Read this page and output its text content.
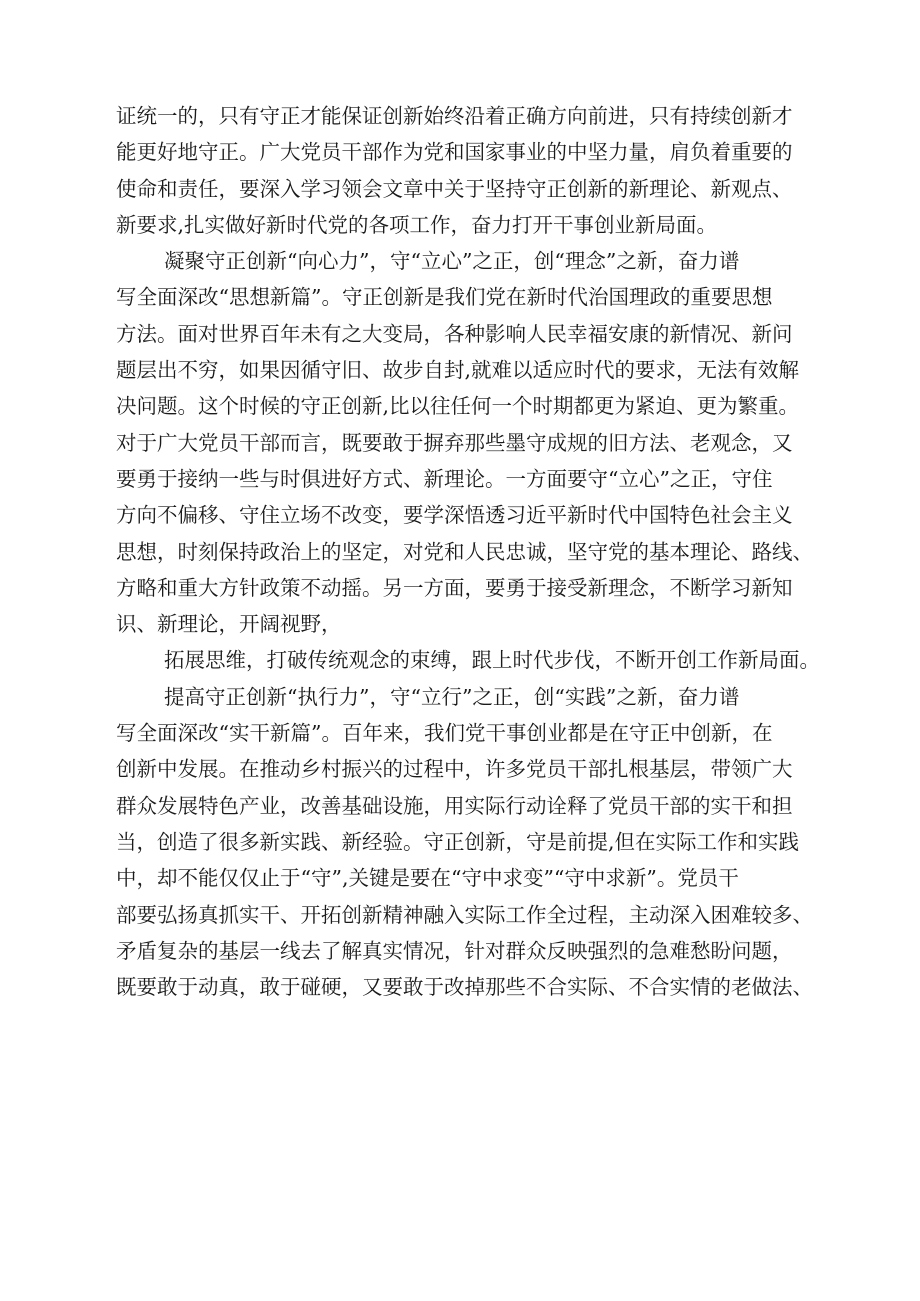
证统一的，只有守正才能保证创新始终沿着正确方向前进，只有持续创新才
能更好地守正。广大党员干部作为党和国家事业的中坚力量，肩负着重要的
使命和责任，要深入学习领会文章中关于坚持守正创新的新理论、新观点、
新要求,扎实做好新时代党的各项工作，奋力打开干事创业新局面。
凝聚守正创新“向心力”，守“立心”之正，创“理念”之新，奋力谱
写全面深改“思想新篇”。守正创新是我们党在新时代治国理政的重要思想
方法。面对世界百年未有之大变局，各种影响人民幸福安康的新情况、新问
题层出不穷，如果因循守旧、故步自封,就难以适应时代的要求，无法有效解
决问题。这个时候的守正创新,比以往任何一个时期都更为紧迫、更为繁重。
对于广大党员干部而言，既要敢于摒弃那些墨守成规的旧方法、老观念，又
要勇于接纳一些与时俱进好方式、新理论。一方面要守“立心”之正，守住
方向不偏移、守住立场不改变，要学深悟透习近平新时代中国特色社会主义
思想，时刻保持政治上的坚定，对党和人民忠诚，坚守党的基本理论、路线、
方略和重大方针政策不动摇。另一方面，要勇于接受新理念，不断学习新知
识、新理论，开阔视野，
拓展思维，打破传统观念的束缚，跟上时代步伐，不断开创工作新局面。
提高守正创新“执行力”，守“立行”之正，创“实践”之新，奋力谱
写全面深改“实干新篇”。百年来，我们党干事创业都是在守正中创新，在
创新中发展。在推动乡村振兴的过程中，许多党员干部扎根基层，带领广大
群众发展特色产业，改善基础设施，用实际行动诠释了党员干部的实干和担
当，创造了很多新实践、新经验。守正创新，守是前提,但在实际工作和实践
中，却不能仅仅止于“守”,关键是要在“守中求变”“守中求新”。党员干
部要弘扬真抓实干、开拓创新精神融入实际工作全过程，主动深入困难较多、
矛盾复杂的基层一线去了解真实情况，针对群众反映强烈的急难愁盼问题，
既要敢于动真，敢于碰硬，又要敢于改掉那些不合实际、不合实情的老做法、
